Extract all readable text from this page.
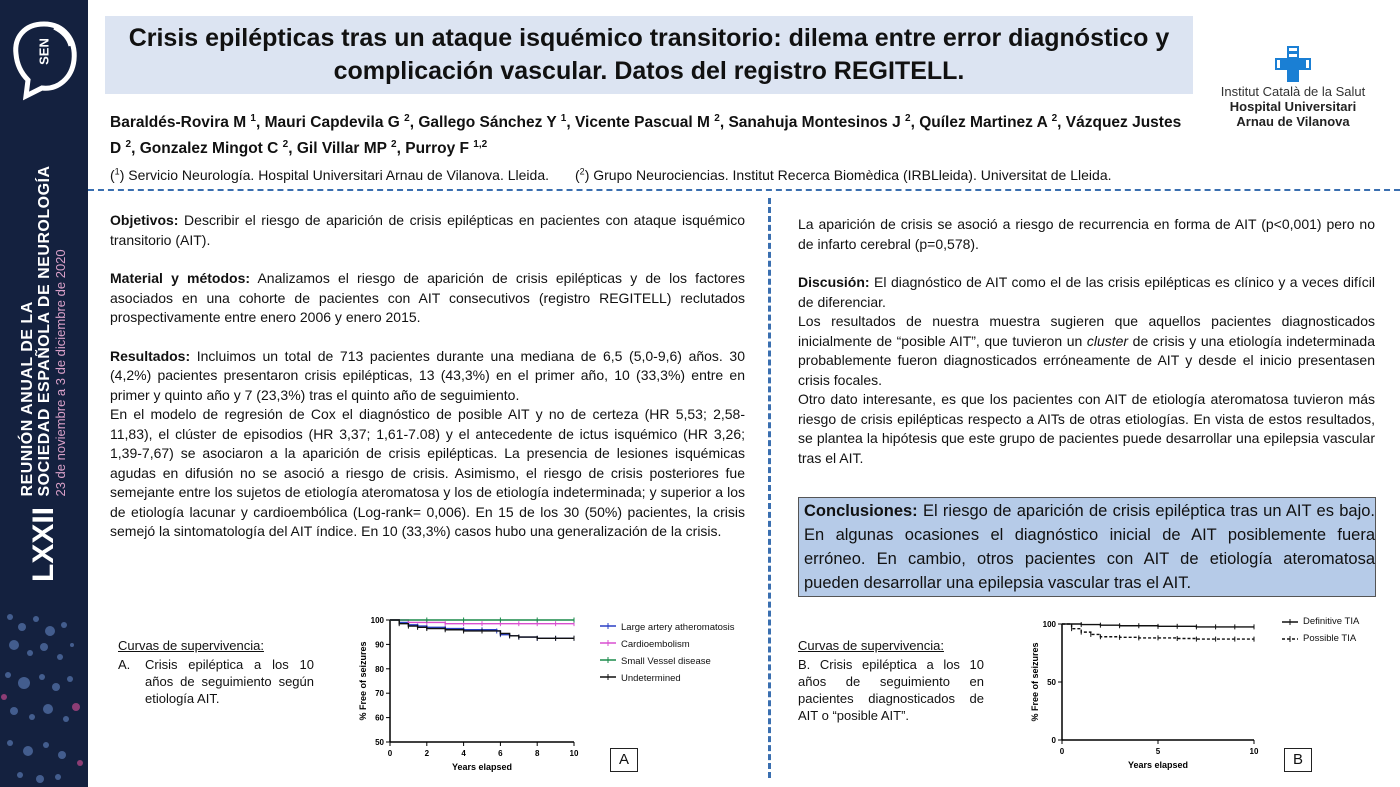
SEN
LXXII
REUNIÓN ANUAL DE LA SOCIEDAD ESPAÑOLA DE NEUROLOGÍA 23 de noviembre a 3 de diciembre de 2020
Crisis epilépticas tras un ataque isquémico transitorio: dilema entre error diagnóstico y complicación vascular. Datos del registro REGITELL.
Baraldés-Rovira M $^1$, Mauri Capdevila G $^2$, Gallego Sánchez Y $^1$, Vicente Pascual M $^2$, Sanahuja Montesinos J $^2$, Quílez Martinez A $^2$, Vázquez Justes D $^2$, Gonzalez Mingot C $^2$, Gil Villar MP $^2$, Purroy F $^{1,2}$
($^1$) Servicio Neurología. Hospital Universitari Arnau de Vilanova. Lleida. ($^2$) Grupo Neurociencias. Institut Recerca Biomèdica (IRBLleida). Universitat de Lleida.
Institut Català de la Salut
Hospital Universitari
Arnau de Vilanova

Objetivos: Describir el riesgo de aparición de crisis epilépticas en pacientes con ataque isquémico transitorio (AIT).

Material y métodos: Analizamos el riesgo de aparición de crisis epilépticas y de los factores asociados en una cohorte de pacientes con AIT consecutivos (registro REGITELL) reclutados prospectivamente entre enero 2006 y enero 2015.

Resultados: Incluimos un total de 713 pacientes durante una mediana de 6,5 (5,0-9,6) años. 30 (4,2%) pacientes presentaron crisis epilépticas, 13 (43,3%) en el primer año, 10 (33,3%) entre en primer y quinto año y 7 (23,3%) tras el quinto año de seguimiento.

En el modelo de regresión de Cox el diagnóstico de posible AIT y no de certeza (HR 5,53; 2,58-11,83), el clúster de episodios (HR 3,37; 1,61-7.08) y el antecedente de ictus isquémico (HR 3,26; 1,39-7,67) se asociaron a la aparición de crisis epilépticas. La presencia de lesiones isquémicas agudas en difusión no se asoció a riesgo de crisis. Asimismo, el riesgo de crisis posteriores fue semejante entre los sujetos de etiología ateromatosa y los de etiología indeterminada; y superior a los de etiología lacunar y cardioembólica (Log-rank= 0,006). En 15 de los 30 (50%) pacientes, la crisis semejó la sintomatología del AIT índice. En 10 (33,3%) casos hubo una generalización de la crisis.

La aparición de crisis se asoció a riesgo de recurrencia en forma de AIT (p<0,001) pero no de infarto cerebral (p=0,578).

Discusión: El diagnóstico de AIT como el de las crisis epilépticas es clínico y a veces difícil de diferenciar.

Los resultados de nuestra muestra sugieren que aquellos pacientes diagnosticados inicialmente de “posible AIT”, que tuvieron un cluster de crisis y una etiología indeterminada probablemente fueron diagnosticados erróneamente de AIT y desde el inicio presentasen crisis focales.

Otro dato interesante, es que los pacientes con AIT de etiología ateromatosa tuvieron más riesgo de crisis epilépticas respecto a AITs de otras etiologías. En vista de estos resultados, se plantea la hipótesis que este grupo de pacientes puede desarrollar una epilepsia vascular tras el AIT.

Conclusiones: El riesgo de aparición de crisis epiléptica tras un AIT es bajo. En algunas ocasiones el diagnóstico inicial de AIT posiblemente fuera erróneo. En cambio, otros pacientes con AIT de etiología ateromatosa pueden desarrollar una epilepsia vascular tras el AIT.

Curvas de supervivencia:
A.	Crisis epiléptica a los 10 años de seguimiento según etiología AIT.
0	2	4	6	8	10
50
60
70
80
90
100
Years elapsed
% Free of seizures
Large artery atheromatosis
Cardioembolism
Small Vessel disease
Undetermined
A
Curvas de supervivencia:
B. Crisis epiléptica a los 10 años de seguimiento en pacientes diagnosticados de AIT o “posible AIT”.
0	5	10
0
50
100
Years elapsed
% Free of seizures
Definitive TIA
Possible TIA
B
